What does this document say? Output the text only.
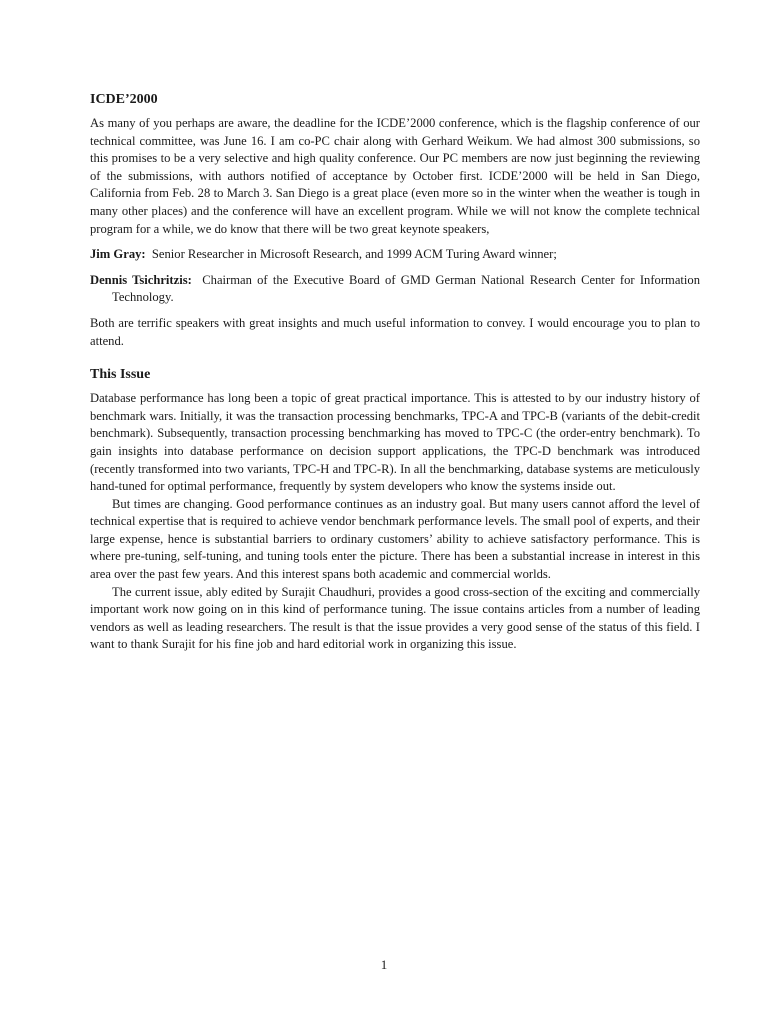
ICDE’2000

As many of you perhaps are aware, the deadline for the ICDE’2000 conference, which is the flagship conference of our technical committee, was June 16. I am co-PC chair along with Gerhard Weikum. We had almost 300 submissions, so this promises to be a very selective and high quality conference. Our PC members are now just beginning the reviewing of the submissions, with authors notified of acceptance by October first. ICDE’2000 will be held in San Diego, California from Feb. 28 to March 3. San Diego is a great place (even more so in the winter when the weather is tough in many other places) and the conference will have an excellent program. While we will not know the complete technical program for a while, we do know that there will be two great keynote speakers,

Jim Gray: Senior Researcher in Microsoft Research, and 1999 ACM Turing Award winner;

Dennis Tsichritzis: Chairman of the Executive Board of GMD German National Research Center for Information Technology.

Both are terrific speakers with great insights and much useful information to convey. I would encourage you to plan to attend.

This Issue

Database performance has long been a topic of great practical importance. This is attested to by our industry history of benchmark wars. Initially, it was the transaction processing benchmarks, TPC-A and TPC-B (variants of the debit-credit benchmark). Subsequently, transaction processing benchmarking has moved to TPC-C (the order-entry benchmark). To gain insights into database performance on decision support applications, the TPC-D benchmark was introduced (recently transformed into two variants, TPC-H and TPC-R). In all the benchmarking, database systems are meticulously hand-tuned for optimal performance, frequently by system developers who know the systems inside out.

But times are changing. Good performance continues as an industry goal. But many users cannot afford the level of technical expertise that is required to achieve vendor benchmark performance levels. The small pool of experts, and their large expense, hence is substantial barriers to ordinary customers’ ability to achieve satisfactory performance. This is where pre-tuning, self-tuning, and tuning tools enter the picture. There has been a substantial increase in interest in this area over the past few years. And this interest spans both academic and commercial worlds.

The current issue, ably edited by Surajit Chaudhuri, provides a good cross-section of the exciting and commercially important work now going on in this kind of performance tuning. The issue contains articles from a number of leading vendors as well as leading researchers. The result is that the issue provides a very good sense of the status of this field. I want to thank Surajit for his fine job and hard editorial work in organizing this issue.

1
